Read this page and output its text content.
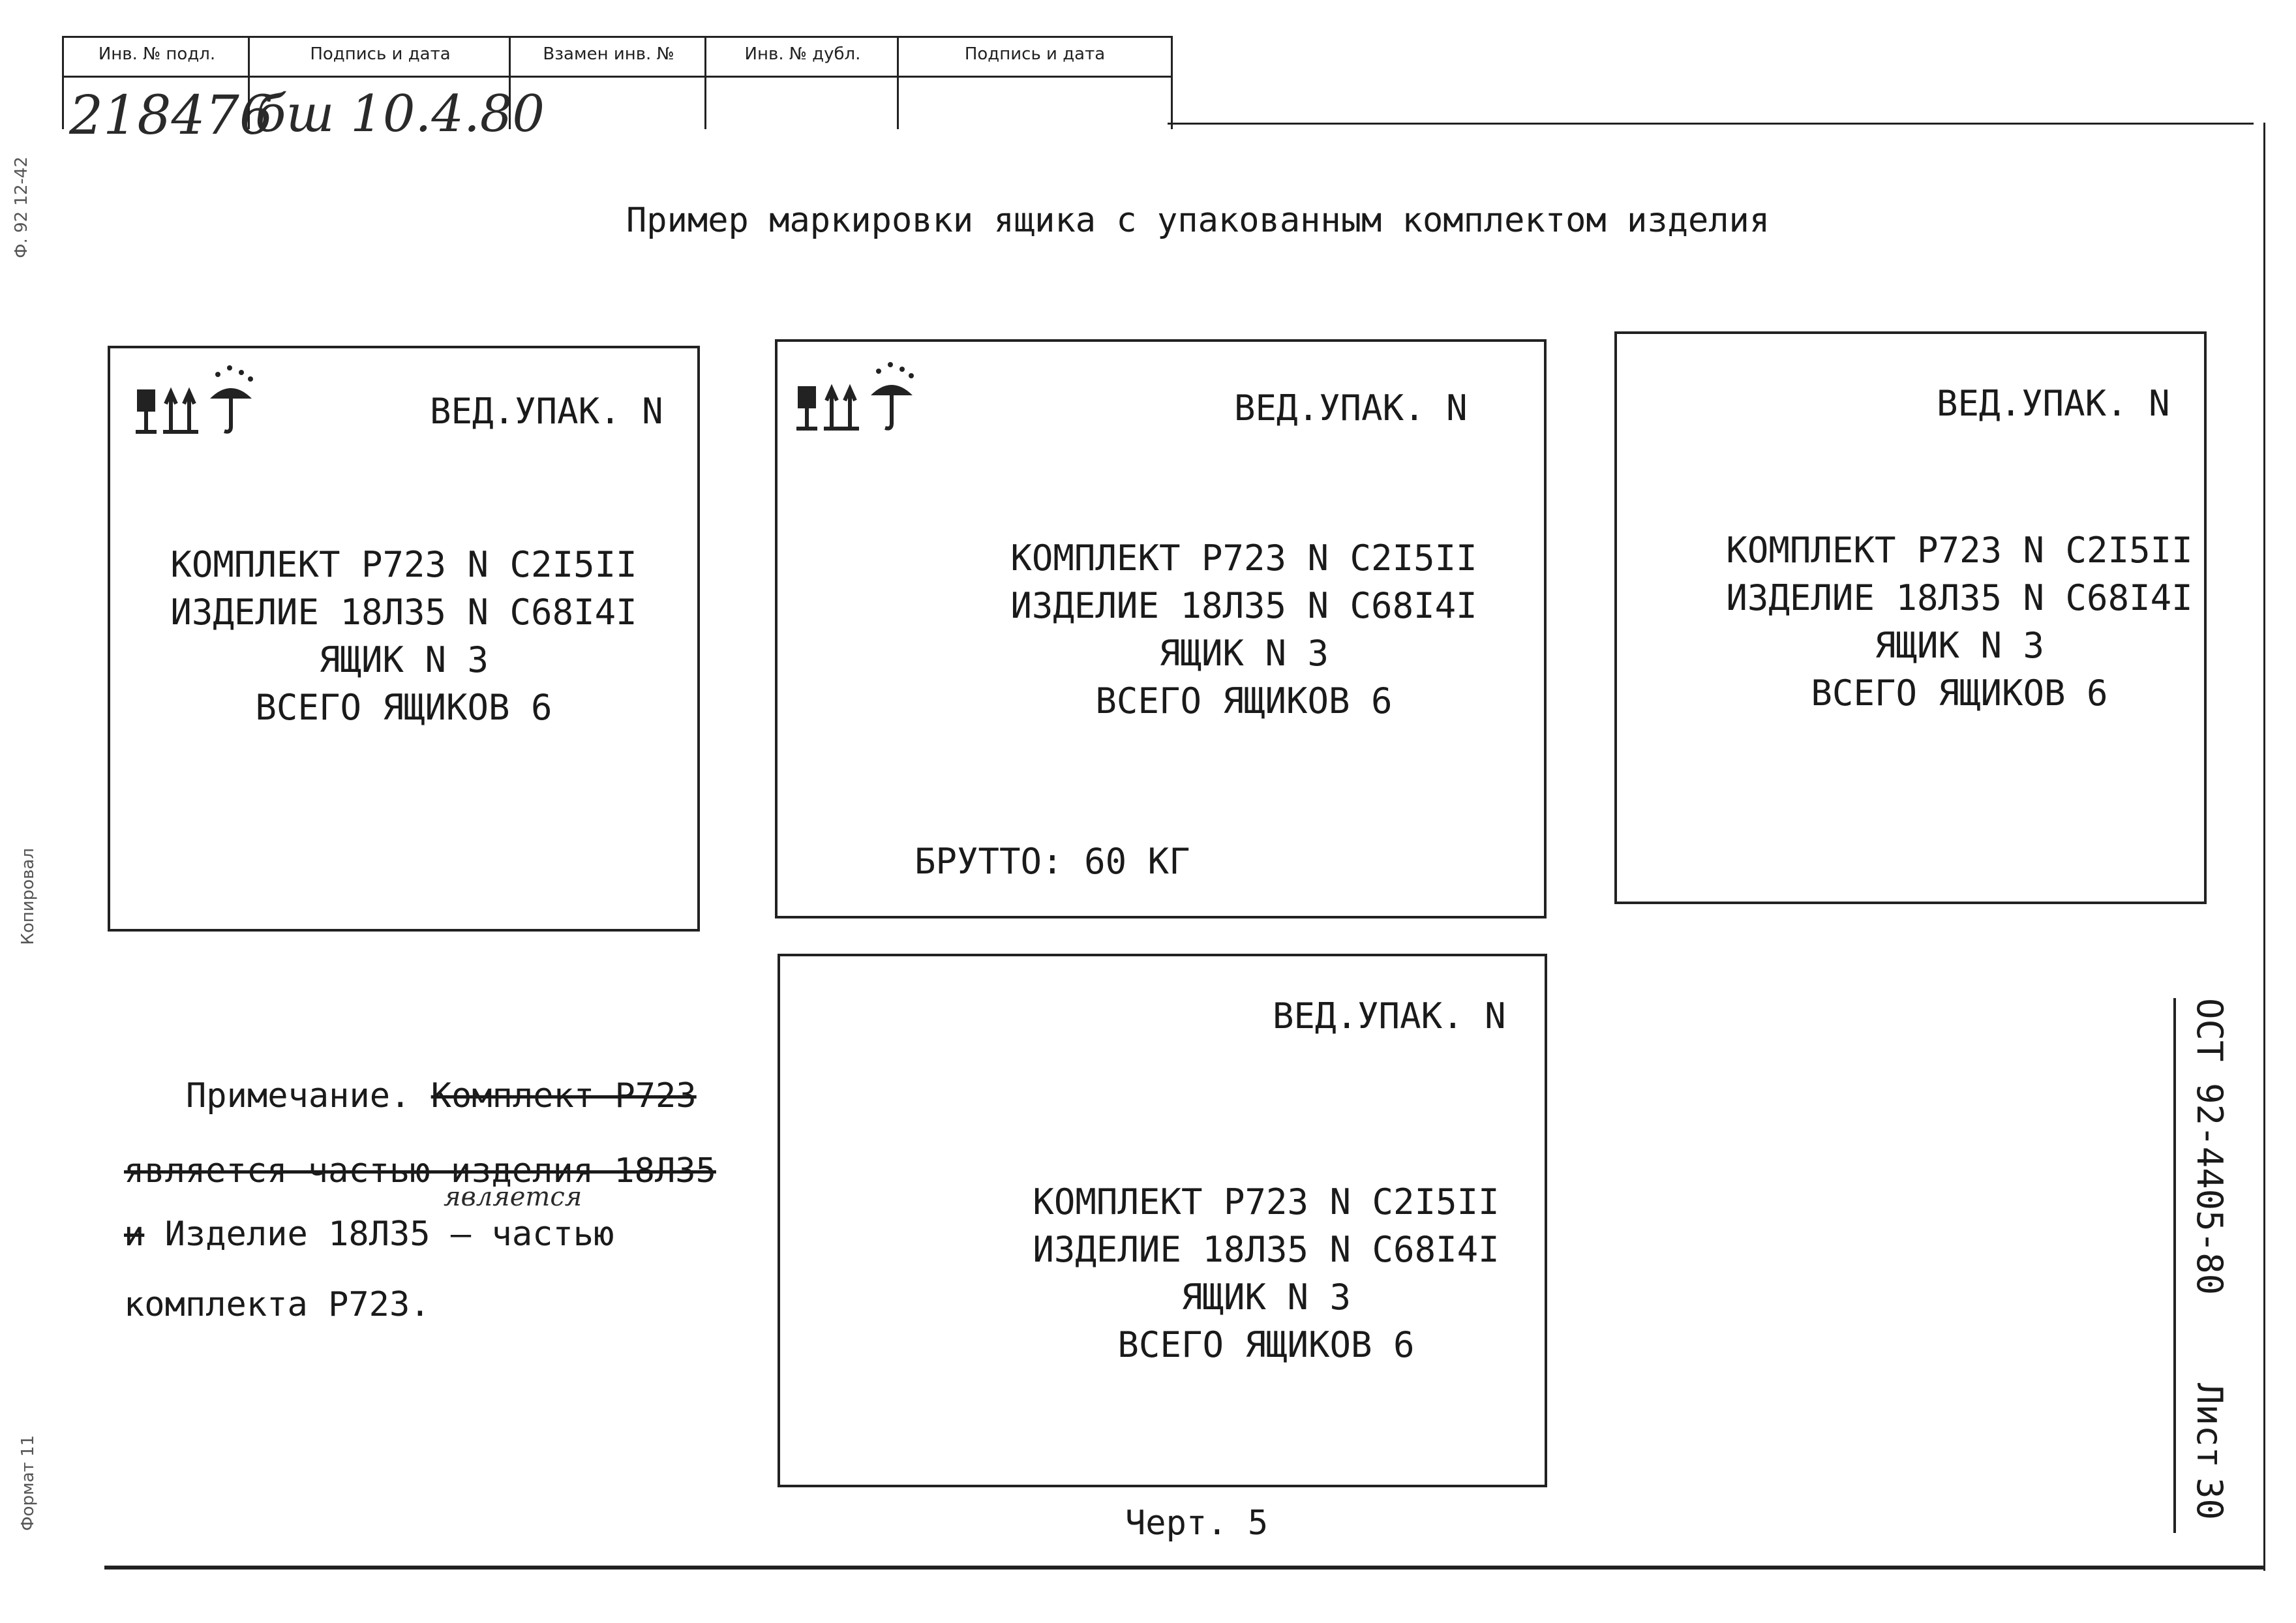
Инв. № подл.
218476
Подпись и дата
бш 10.4.80
Взамен инв. №	Инв. № дубл.	Подпись и дата
Ф. 92 12-42
Копировал
Формат 11
Пример маркировки ящика с упакованным комплектом изделия
ВЕД.УПАК. N
КОМПЛЕКТ Р723 N С2I5II
ИЗДЕЛИЕ 18Л35 N С68I4I
ЯЩИК N 3
ВСЕГО ЯЩИКОВ 6
ВЕД.УПАК. N
КОМПЛЕКТ Р723 N С2I5II
ИЗДЕЛИЕ 18Л35 N С68I4I
ЯЩИК N 3
ВСЕГО ЯЩИКОВ 6
БРУТТО: 60 КГ
ВЕД.УПАК. N
КОМПЛЕКТ Р723 N С2I5II
ИЗДЕЛИЕ 18Л35 N С68I4I
ЯЩИК N 3
ВСЕГО ЯЩИКОВ 6
ВЕД.УПАК. N
КОМПЛЕКТ Р723 N С2I5II
ИЗДЕЛИЕ 18Л35 N С68I4I
ЯЩИК N 3
ВСЕГО ЯЩИКОВ 6
Примечание. Комплект Р723
является частью изделия 18Л35
является
и Изделие 18Л35 – частью
комплекта Р723.
Черт. 5
ОСТ 92-4405-80
Лист
30
